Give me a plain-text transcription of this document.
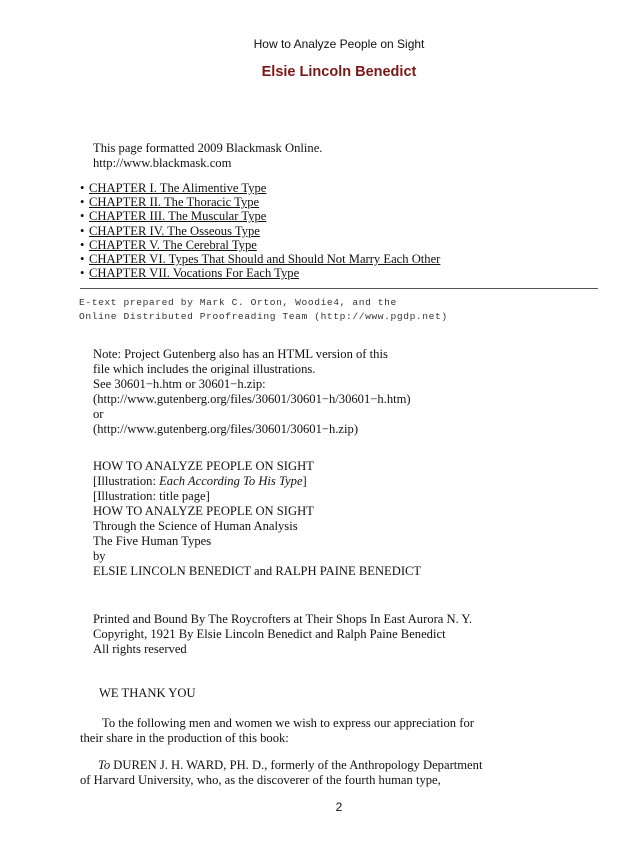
How to Analyze People on Sight
Elsie Lincoln Benedict
This page formatted 2009 Blackmask Online.
http://www.blackmask.com
• CHAPTER I. The Alimentive Type
• CHAPTER II. The Thoracic Type
• CHAPTER III. The Muscular Type
• CHAPTER IV. The Osseous Type
• CHAPTER V. The Cerebral Type
• CHAPTER VI. Types That Should and Should Not Marry Each Other
• CHAPTER VII. Vocations For Each Type
E-text prepared by Mark C. Orton, Woodie4, and the
Online Distributed Proofreading Team (http://www.pgdp.net)
Note: Project Gutenberg also has an HTML version of this
file which includes the original illustrations.
See 30601−h.htm or 30601−h.zip:
(http://www.gutenberg.org/files/30601/30601−h/30601−h.htm)
or
(http://www.gutenberg.org/files/30601/30601−h.zip)
HOW TO ANALYZE PEOPLE ON SIGHT
[Illustration: Each According To His Type]
[Illustration: title page]
HOW TO ANALYZE PEOPLE ON SIGHT
Through the Science of Human Analysis
The Five Human Types
by
ELSIE LINCOLN BENEDICT and RALPH PAINE BENEDICT
Printed and Bound By The Roycrofters at Their Shops In East Aurora N. Y.
Copyright, 1921 By Elsie Lincoln Benedict and Ralph Paine Benedict
All rights reserved
WE THANK YOU
To the following men and women we wish to express our appreciation for
their share in the production of this book:
To DUREN J. H. WARD, PH. D., formerly of the Anthropology Department
of Harvard University, who, as the discoverer of the fourth human type,
2
